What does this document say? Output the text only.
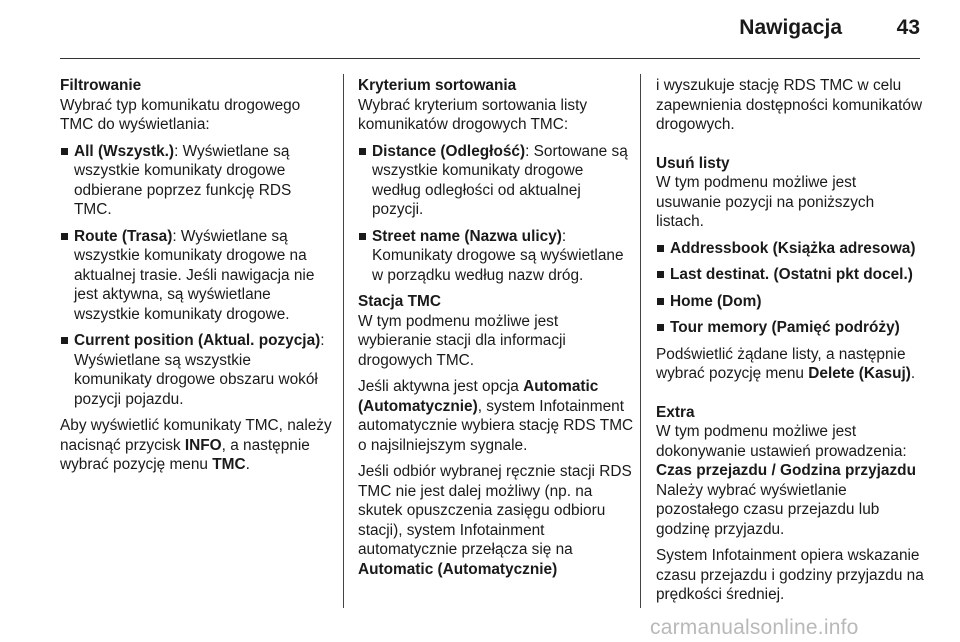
Nawigacja	43
Filtrowanie
Wybrać typ komunikatu drogowego TMC do wyświetlania:
All (Wszystk.): Wyświetlane są wszystkie komunikaty drogowe odbierane poprzez funkcję RDS TMC.
Route (Trasa): Wyświetlane są wszystkie komunikaty drogowe na aktualnej trasie. Jeśli nawigacja nie jest aktywna, są wyświetlane wszystkie komunikaty drogowe.
Current position (Aktual. pozycja): Wyświetlane są wszystkie komunikaty drogowe obszaru wokół pozycji pojazdu.
Aby wyświetlić komunikaty TMC, należy nacisnąć przycisk INFO, a następnie wybrać pozycję menu TMC.
Kryterium sortowania
Wybrać kryterium sortowania listy komunikatów drogowych TMC:
Distance (Odległość): Sortowane są wszystkie komunikaty drogowe według odległości od aktualnej pozycji.
Street name (Nazwa ulicy): Komunikaty drogowe są wyświetlane w porządku według nazw dróg.
Stacja TMC
W tym podmenu możliwe jest wybieranie stacji dla informacji drogowych TMC.
Jeśli aktywna jest opcja Automatic (Automatycznie), system Infotainment automatycznie wybiera stację RDS TMC o najsilniejszym sygnale.
Jeśli odbiór wybranej ręcznie stacji RDS TMC nie jest dalej możliwy (np. na skutek opuszczenia zasięgu odbioru stacji), system Infotainment automatycznie przełącza się na
Automatic (Automatycznie)
i wyszukuje stację RDS TMC w celu zapewnienia dostępności komunikatów drogowych.
Usuń listy
W tym podmenu możliwe jest usuwanie pozycji na poniższych listach.
Addressbook (Książka adresowa)
Last destinat. (Ostatni pkt docel.)
Home (Dom)
Tour memory (Pamięć podróży)
Podświetlić żądane listy, a następnie wybrać pozycję menu Delete (Kasuj).
Extra
W tym podmenu możliwe jest dokonywanie ustawień prowadzenia:
Czas przejazdu / Godzina przyjazdu
Należy wybrać wyświetlanie pozostałego czasu przejazdu lub godzinę przyjazdu.
System Infotainment opiera wskazanie czasu przejazdu i godziny przyjazdu na prędkości średniej.
carmanualsonline.info
